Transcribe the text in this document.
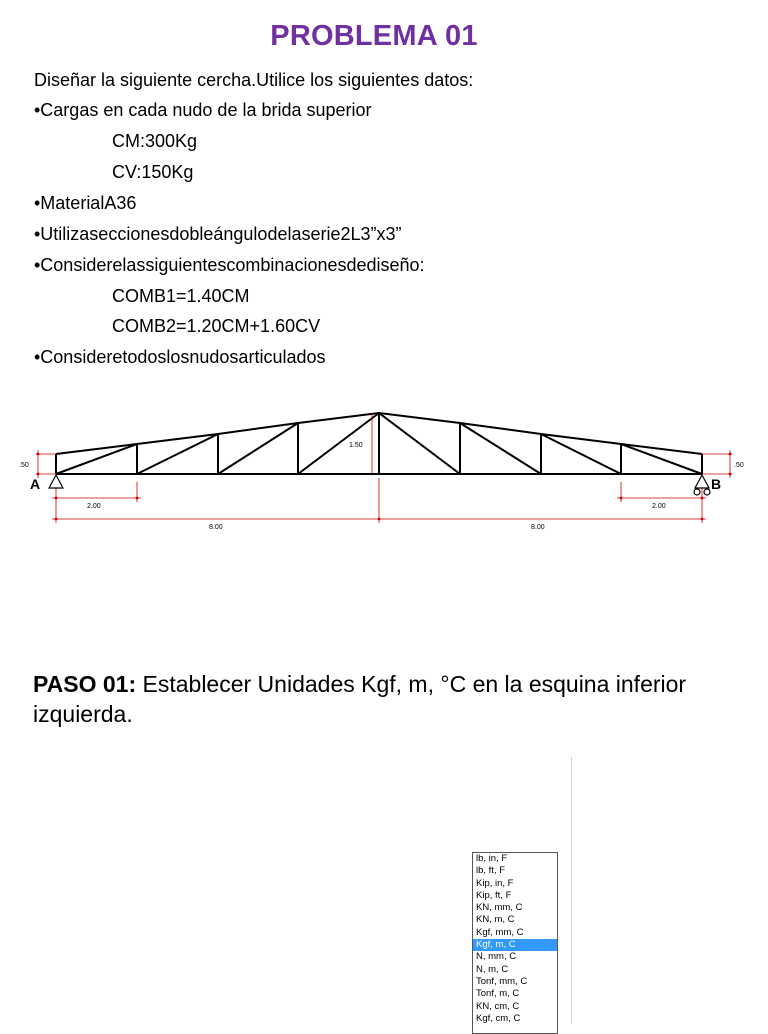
PROBLEMA 01
Diseñar la siguiente cercha.Utilice los siguientes datos:
•Cargas en cada nudo de la brida superior
CM:300Kg
CV:150Kg
•MaterialA36
•Utilizaseccionesdobleángulodelaserie2L3”x3”
•Considerelassiguientescombinacionesdediseño:
COMB1=1.40CM
COMB2=1.20CM+1.60CV
•Consideretodoslosnudosarticulados
.50	.50
1.50
2.00	2.00
8.00	8.00
A	B
PASO 01: Establecer Unidades Kgf, m, °C en la esquina inferior izquierda.
lb, in, F
lb, ft, F
Kip, in, F
Kip, ft, F
KN, mm, C
KN, m, C
Kgf, mm, C
Kgf, m, C
N, mm, C
N, m, C
Tonf, mm, C
Tonf, m, C
KN, cm, C
Kgf, cm, C
